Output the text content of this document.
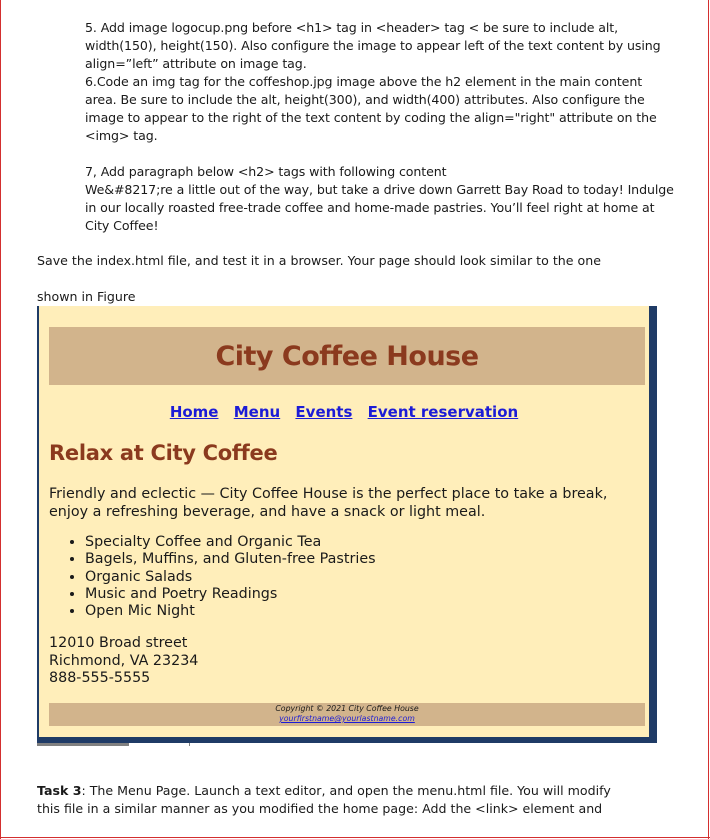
5. Add image logocup.png before <h1> tag in <header> tag < be sure to include alt, width(150), height(150). Also configure the image to appear left of the text content by using align=”left” attribute on image tag.

6.Code an img tag for the coffeshop.jpg image above the h2 element in the main content area. Be sure to include the alt, height(300), and width(400) attributes. Also configure the image to appear to the right of the text content by coding the align="right" attribute on the <img> tag.

7, Add paragraph below <h2> tags with following content

We&#8217;re a little out of the way, but take a drive down Garrett Bay Road to today! Indulge in our locally roasted free-trade coffee and home-made pastries. You’ll feel right at home at City Coffee!

Save the index.html file, and test it in a browser. Your page should look similar to the one
shown in Figure
City Coffee House
Home Menu Events Event reservation
Relax at City Coffee
Friendly and eclectic — City Coffee House is the perfect place to take a break, enjoy a refreshing beverage, and have a snack or light meal.
• Specialty Coffee and Organic Tea
• Bagels, Muffins, and Gluten-free Pastries
• Organic Salads
• Music and Poetry Readings
• Open Mic Night
12010 Broad street
Richmond, VA 23234
888-555-5555
Copyright © 2021 City Coffee House
yourfirstname@yourlastname.com
Task 3: The Menu Page. Launch a text editor, and open the menu.html file. You will modify
this file in a similar manner as you modified the home page: Add the <link> element and
